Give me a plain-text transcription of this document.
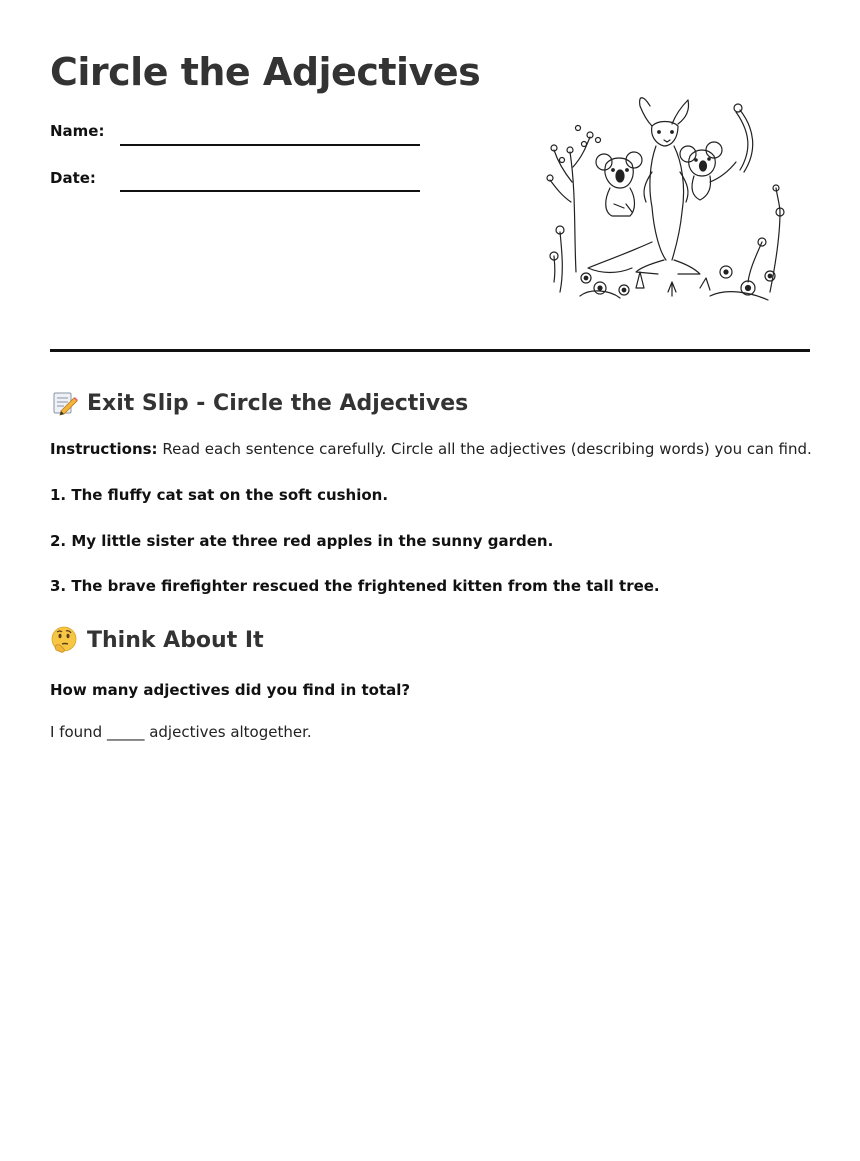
Circle the Adjectives
Name:
Date:
Exit Slip - Circle the Adjectives
Instructions: Read each sentence carefully. Circle all the adjectives (describing words) you can find.
1. The fluffy cat sat on the soft cushion.
2. My little sister ate three red apples in the sunny garden.
3. The brave firefighter rescued the frightened kitten from the tall tree.
Think About It
How many adjectives did you find in total?
I found _____ adjectives altogether.
